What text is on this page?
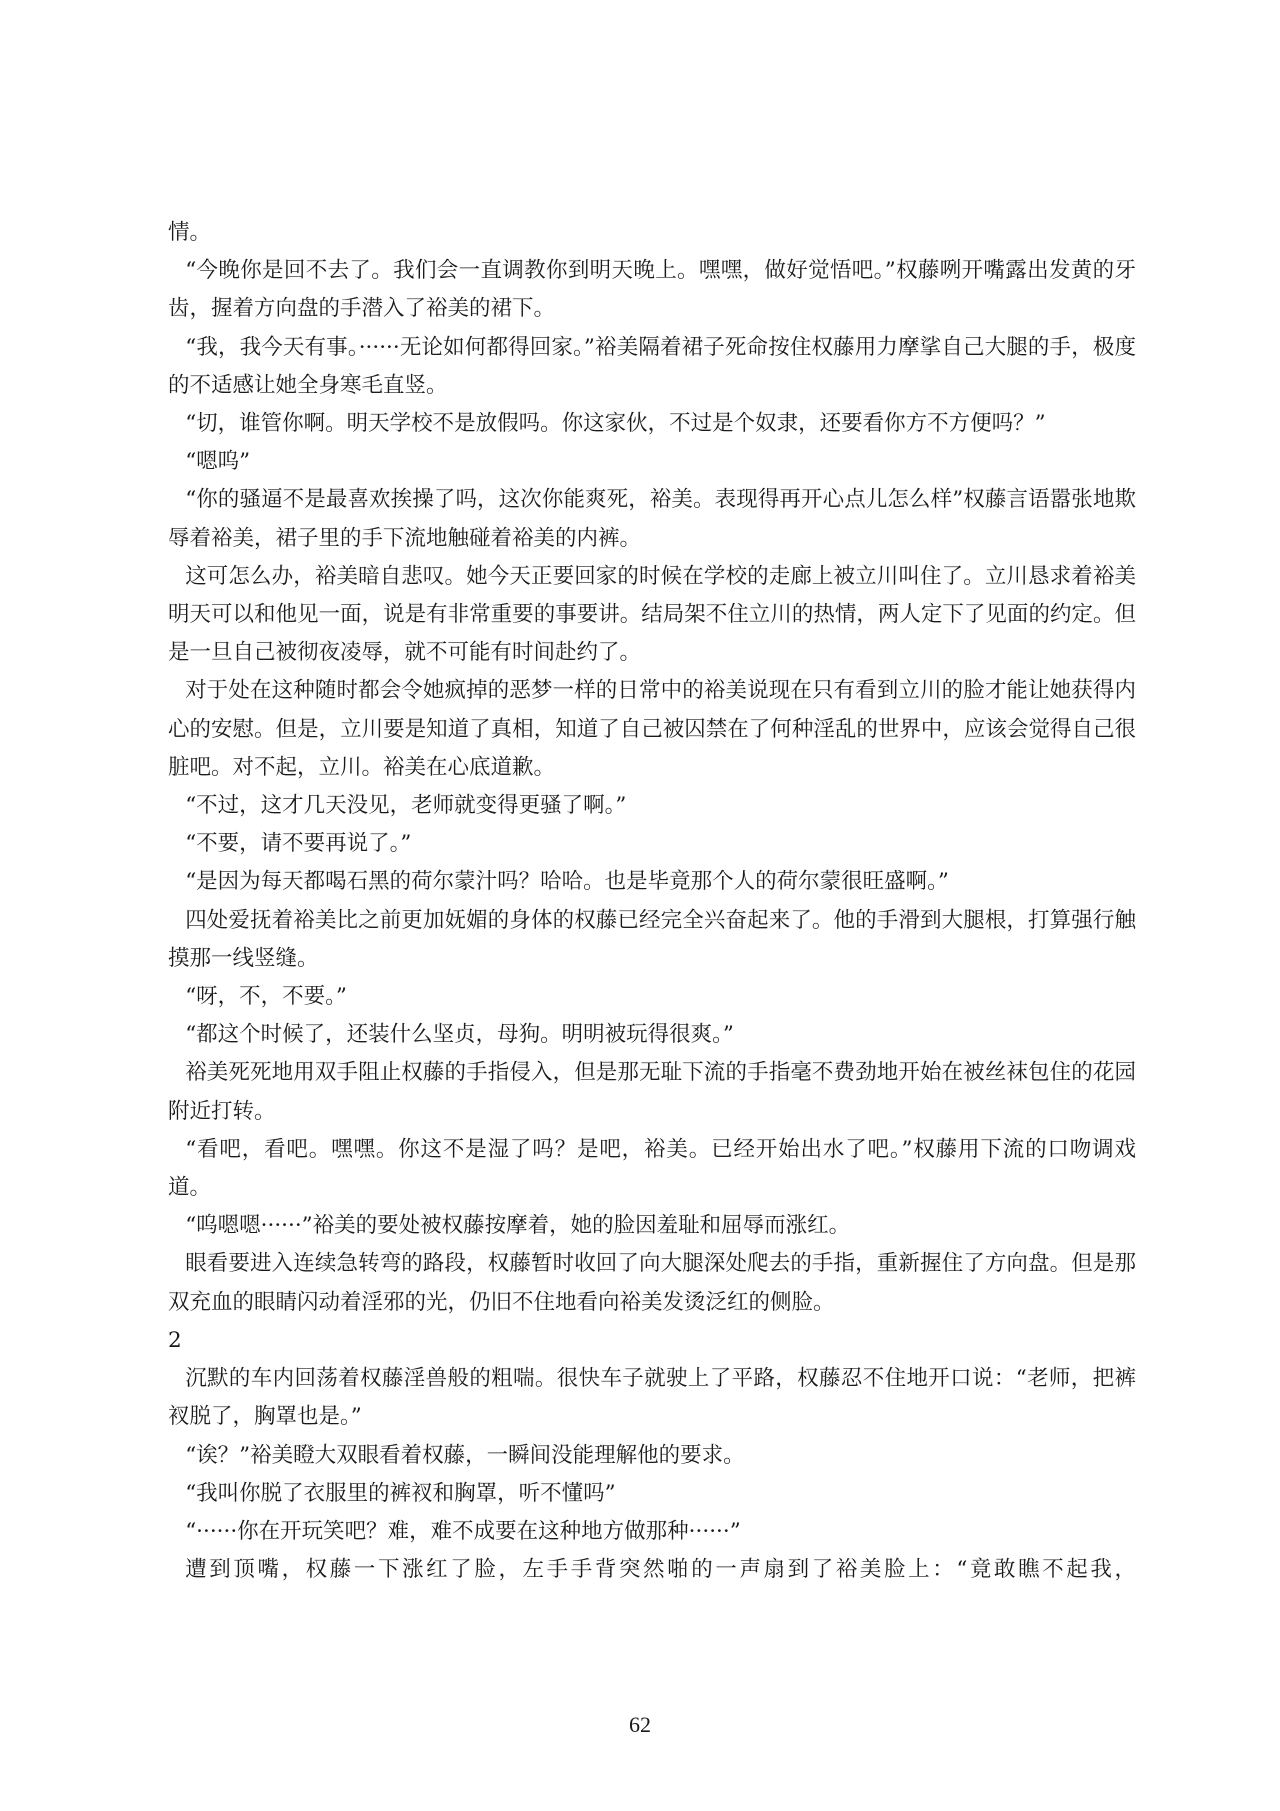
情。

“今晚你是回不去了。我们会一直调教你到明天晚上。嘿嘿，做好觉悟吧。”权藤咧开嘴露出发黄的牙齿，握着方向盘的手潜入了裕美的裙下。

“我，我今天有事。······无论如何都得回家。”裕美隔着裙子死命按住权藤用力摩挲自己大腿的手，极度的不适感让她全身寒毛直竖。

“切，谁管你啊。明天学校不是放假吗。你这家伙，不过是个奴隶，还要看你方不方便吗？”

“嗯呜”

“你的骚逼不是最喜欢挨操了吗，这次你能爽死，裕美。表现得再开心点儿怎么样”权藤言语嚣张地欺辱着裕美，裙子里的手下流地触碰着裕美的内裤。

这可怎么办，裕美暗自悲叹。她今天正要回家的时候在学校的走廊上被立川叫住了。立川恳求着裕美明天可以和他见一面，说是有非常重要的事要讲。结局架不住立川的热情，两人定下了见面的约定。但是一旦自己被彻夜凌辱，就不可能有时间赴约了。

对于处在这种随时都会令她疯掉的恶梦一样的日常中的裕美说现在只有看到立川的脸才能让她获得内心的安慰。但是，立川要是知道了真相，知道了自己被囚禁在了何种淫乱的世界中，应该会觉得自己很脏吧。对不起，立川。裕美在心底道歉。

“不过，这才几天没见，老师就变得更骚了啊。”

“不要，请不要再说了。”

“是因为每天都喝石黑的荷尔蒙汁吗？哈哈。也是毕竟那个人的荷尔蒙很旺盛啊。”

四处爱抚着裕美比之前更加妩媚的身体的权藤已经完全兴奋起来了。他的手滑到大腿根，打算强行触摸那一线竖缝。

“呀，不，不要。”

“都这个时候了，还装什么坚贞，母狗。明明被玩得很爽。”

裕美死死地用双手阻止权藤的手指侵入，但是那无耻下流的手指毫不费劲地开始在被丝袜包住的花园附近打转。

“看吧，看吧。嘿嘿。你这不是湿了吗？是吧，裕美。已经开始出水了吧。”权藤用下流的口吻调戏道。

“呜嗯嗯······”裕美的要处被权藤按摩着，她的脸因羞耻和屈辱而涨红。

眼看要进入连续急转弯的路段，权藤暂时收回了向大腿深处爬去的手指，重新握住了方向盘。但是那双充血的眼睛闪动着淫邪的光，仍旧不住地看向裕美发烫泛红的侧脸。

2

沉默的车内回荡着权藤淫兽般的粗喘。很快车子就驶上了平路，权藤忍不住地开口说：“老师，把裤衩脱了，胸罩也是。”

“诶？”裕美瞪大双眼看着权藤，一瞬间没能理解他的要求。

“我叫你脱了衣服里的裤衩和胸罩，听不懂吗”

“······你在开玩笑吧？难，难不成要在这种地方做那种······”

遭到顶嘴，权藤一下涨红了脸，左手手背突然啪的一声扇到了裕美脸上：“竟敢瞧不起我，

62
